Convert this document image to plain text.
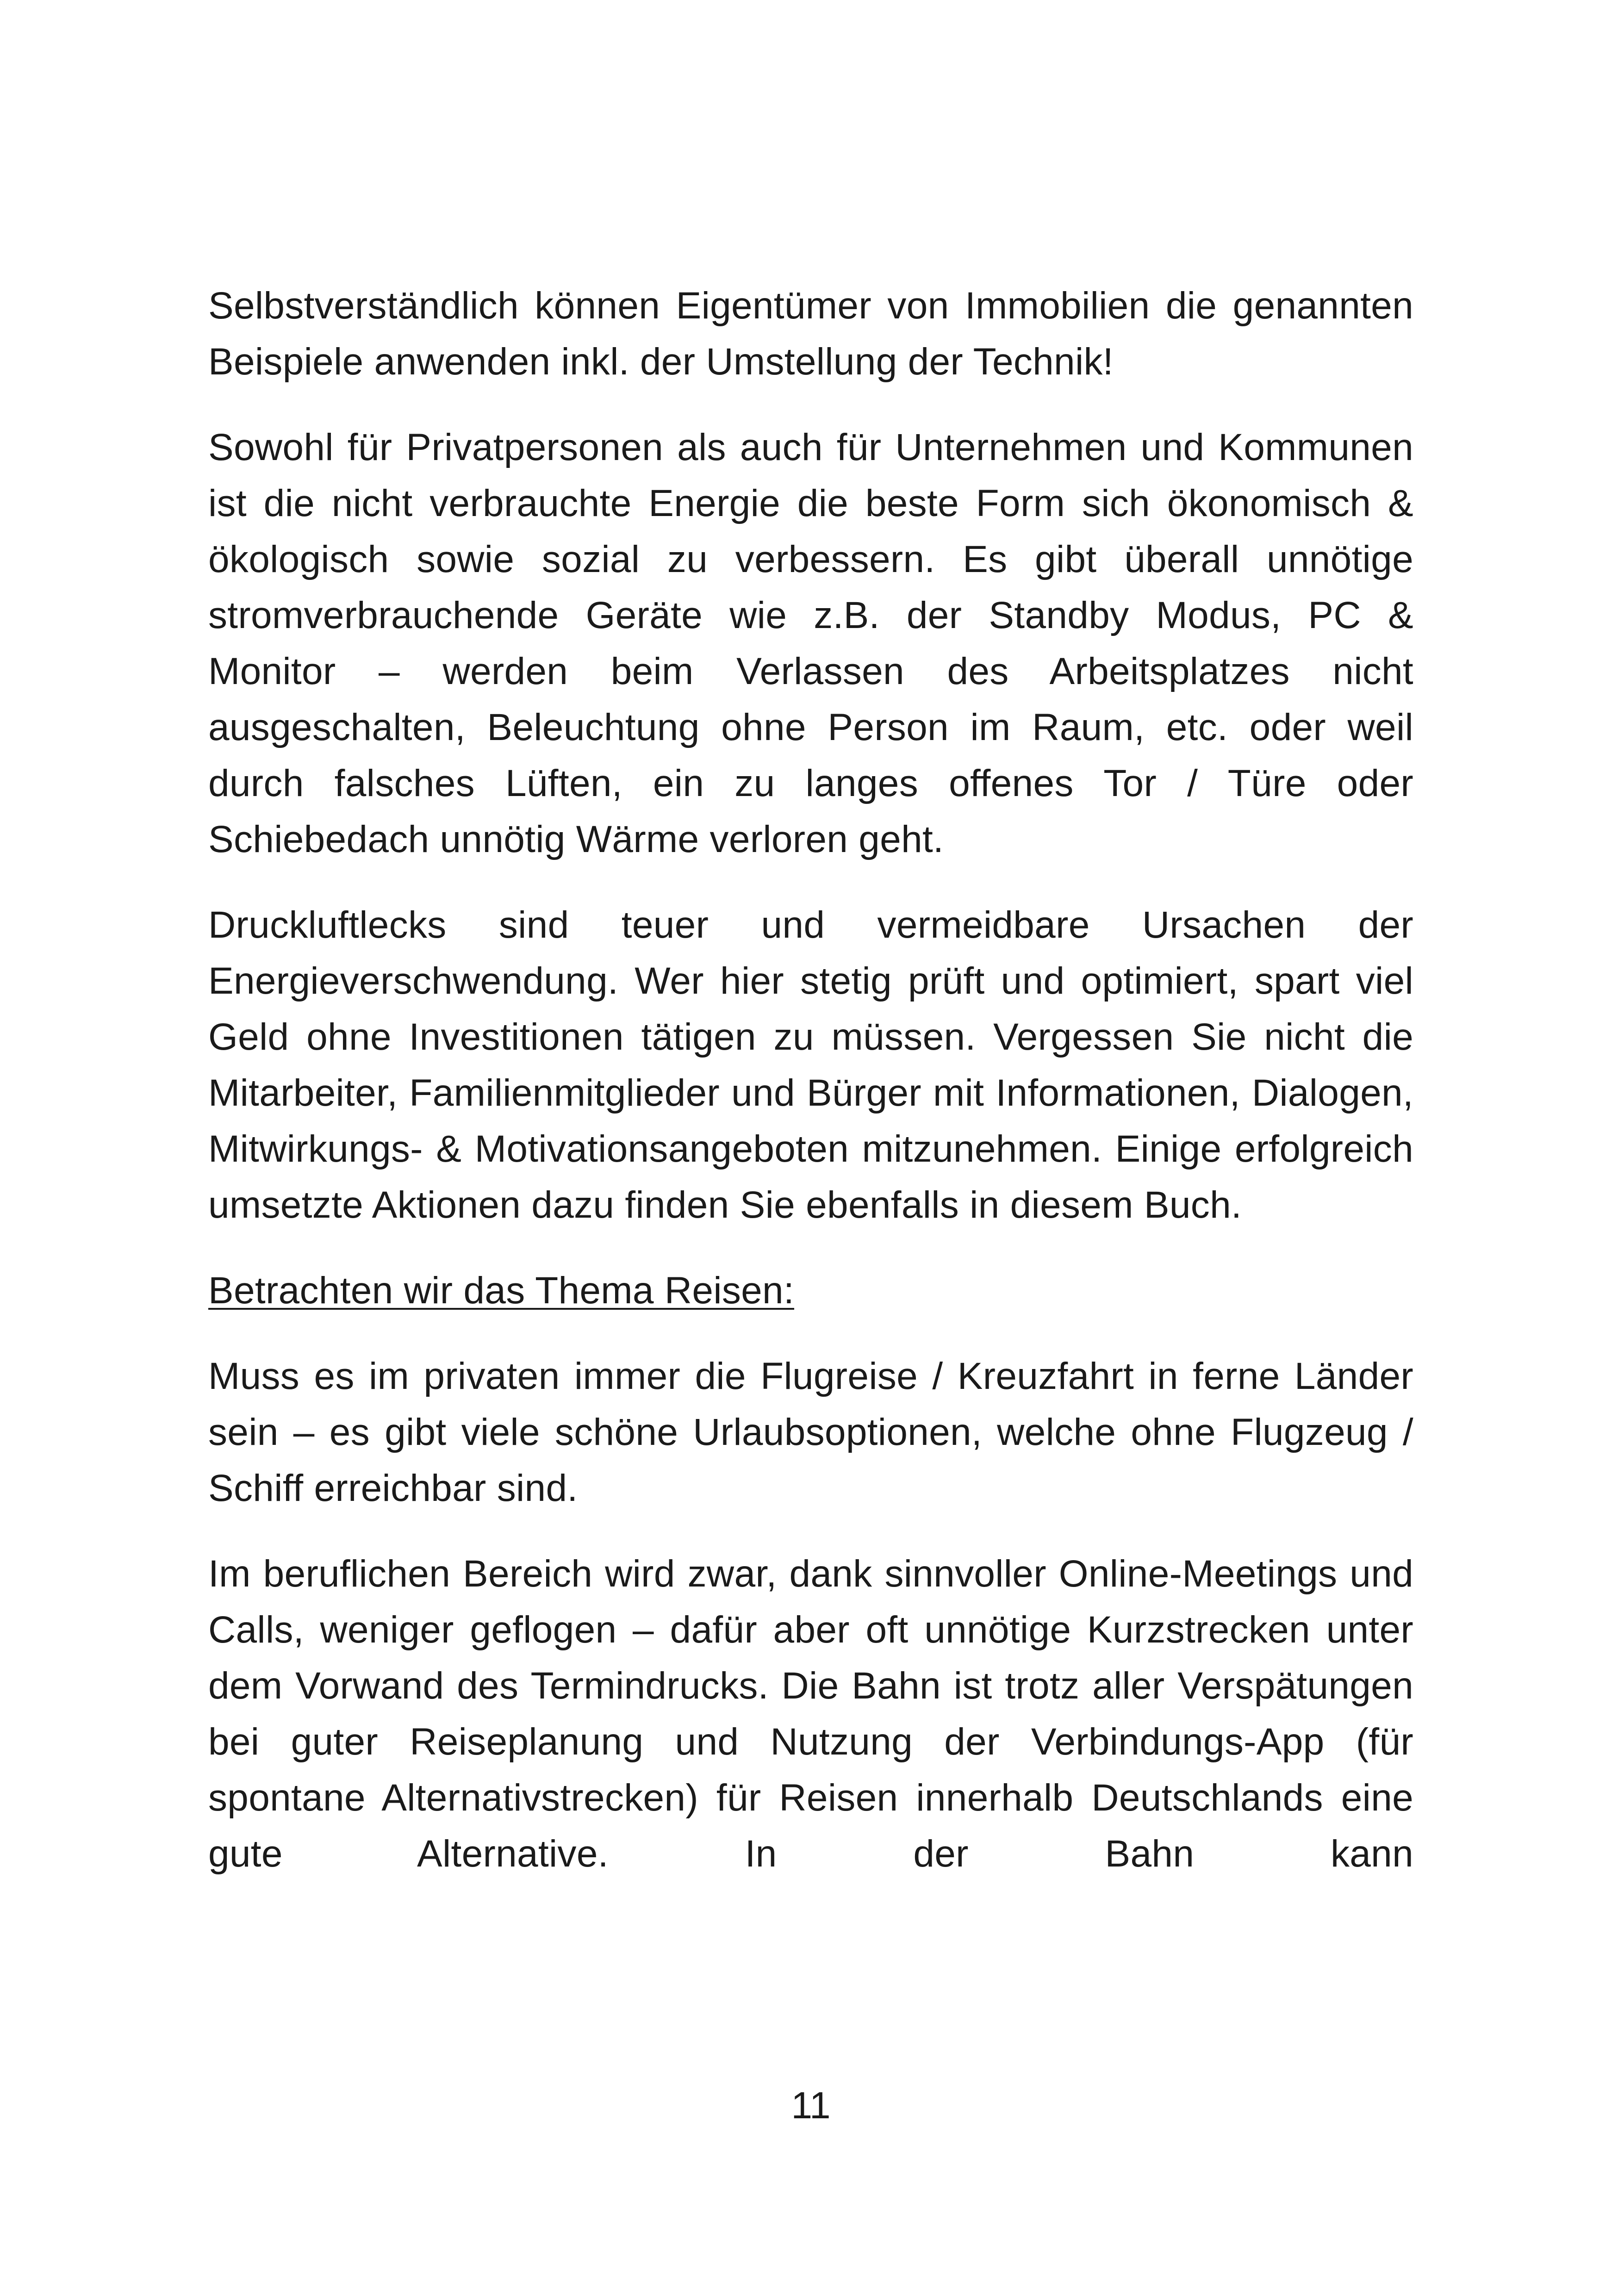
Selbstverständlich können Eigentümer von Immobilien die genannten Beispiele anwenden inkl. der Umstellung der Technik!

Sowohl für Privatpersonen als auch für Unternehmen und Kommunen ist die nicht verbrauchte Energie die beste Form sich ökonomisch & ökologisch sowie sozial zu verbessern. Es gibt überall unnötige stromverbrauchende Geräte wie z.B. der Standby Modus, PC & Monitor – werden beim Verlassen des Arbeitsplatzes nicht ausgeschalten, Beleuchtung ohne Person im Raum, etc. oder weil durch falsches Lüften, ein zu langes offenes Tor / Türe oder Schiebedach unnötig Wärme verloren geht.

Druckluftlecks sind teuer und vermeidbare Ursachen der Energieverschwendung. Wer hier stetig prüft und optimiert, spart viel Geld ohne Investitionen tätigen zu müssen. Vergessen Sie nicht die Mitarbeiter, Familienmitglieder und Bürger mit Informationen, Dialogen, Mitwirkungs- & Motivationsangeboten mitzunehmen. Einige erfolgreich umsetzte Aktionen dazu finden Sie ebenfalls in diesem Buch.

Betrachten wir das Thema Reisen:

Muss es im privaten immer die Flugreise / Kreuzfahrt in ferne Länder sein – es gibt viele schöne Urlaubsoptionen, welche ohne Flugzeug / Schiff erreichbar sind.

Im beruflichen Bereich wird zwar, dank sinnvoller Online-Meetings und Calls, weniger geflogen – dafür aber oft unnötige Kurzstrecken unter dem Vorwand des Termindrucks. Die Bahn ist trotz aller Verspätungen bei guter Reiseplanung und Nutzung der Verbindungs-App (für spontane Alternativstrecken) für Reisen innerhalb Deutschlands eine gute Alternative. In der Bahn kann

11
